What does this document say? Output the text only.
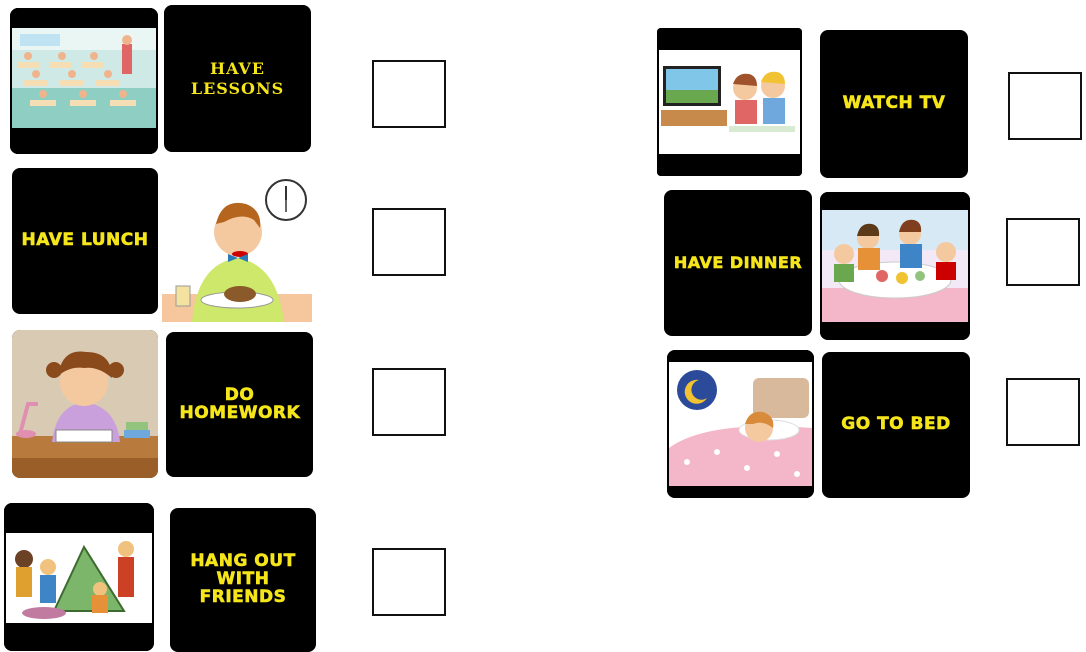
HAVE LESSONS
HAVE LUNCH
DO HOMEWORK
HANG OUT WITH FRIENDS
WATCH TV
HAVE DINNER
GO TO BED
